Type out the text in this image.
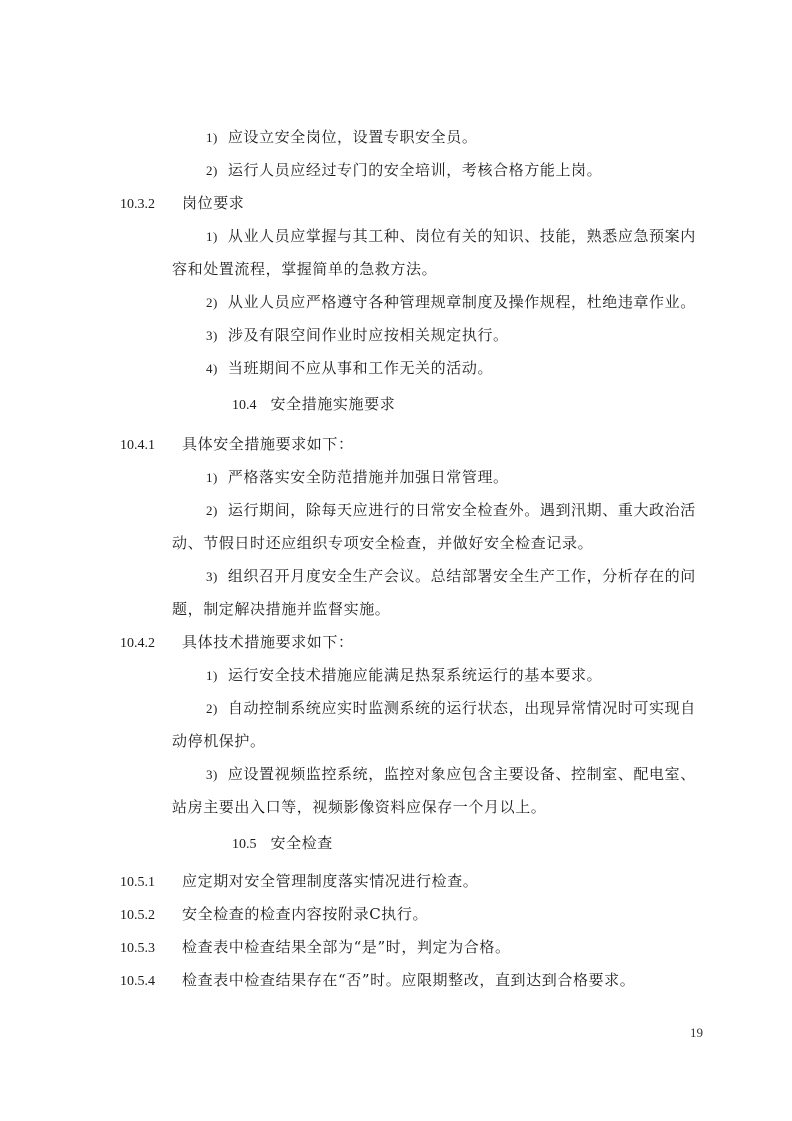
1) 应设立安全岗位，设置专职安全员。
2) 运行人员应经过专门的安全培训，考核合格方能上岗。
10.3.2 岗位要求
1) 从业人员应掌握与其工种、岗位有关的知识、技能，熟悉应急预案内
容和处置流程，掌握简单的急救方法。
2) 从业人员应严格遵守各种管理规章制度及操作规程，杜绝违章作业。
3) 涉及有限空间作业时应按相关规定执行。
4) 当班期间不应从事和工作无关的活动。
10.4 安全措施实施要求
10.4.1 具体安全措施要求如下：
1) 严格落实安全防范措施并加强日常管理。
2) 运行期间，除每天应进行的日常安全检查外。遇到汛期、重大政治活
动、节假日时还应组织专项安全检查，并做好安全检查记录。
3) 组织召开月度安全生产会议。总结部署安全生产工作，分析存在的问
题，制定解决措施并监督实施。
10.4.2 具体技术措施要求如下：
1) 运行安全技术措施应能满足热泵系统运行的基本要求。
2) 自动控制系统应实时监测系统的运行状态，出现异常情况时可实现自
动停机保护。
3) 应设置视频监控系统，监控对象应包含主要设备、控制室、配电室、
站房主要出入口等，视频影像资料应保存一个月以上。
10.5 安全检查
10.5.1 应定期对安全管理制度落实情况进行检查。
10.5.2 安全检查的检查内容按附录C执行。
10.5.3 检查表中检查结果全部为“是”时，判定为合格。
10.5.4 检查表中检查结果存在“否”时。应限期整改，直到达到合格要求。
19
